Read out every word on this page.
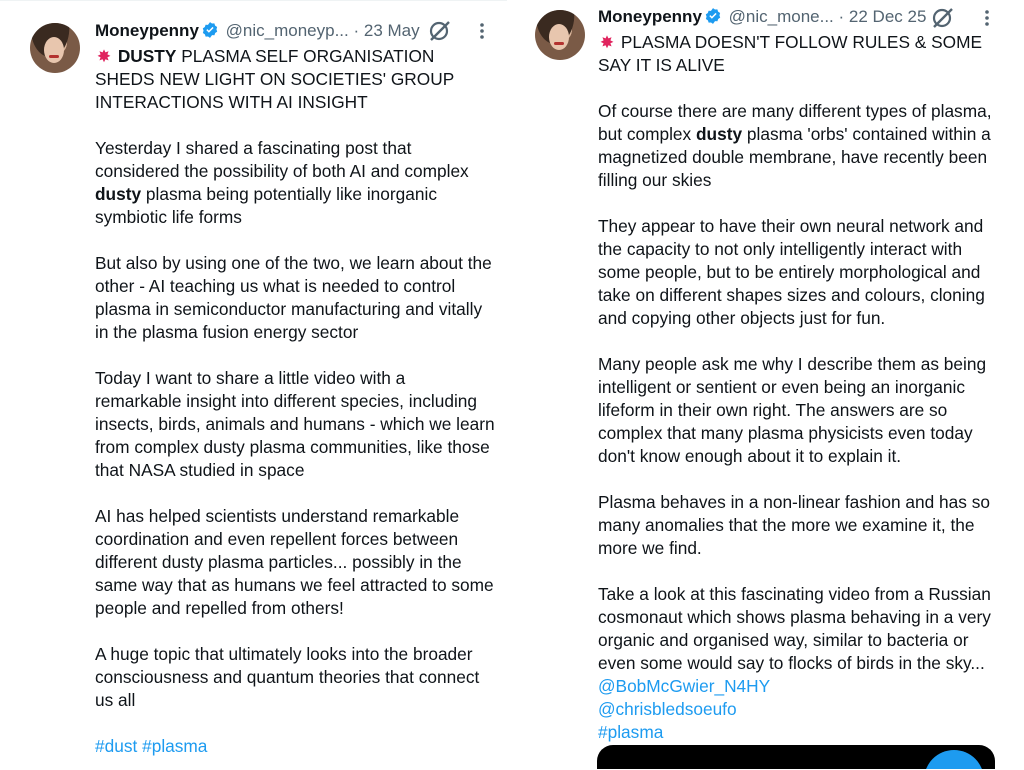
Moneypenny @nic_moneyp... · 23 May

✸ DUSTY PLASMA SELF ORGANISATION SHEDS NEW LIGHT ON SOCIETIES' GROUP INTERACTIONS WITH AI INSIGHT

Yesterday I shared a fascinating post that considered the possibility of both AI and complex dusty plasma being potentially like inorganic symbiotic life forms

But also by using one of the two, we learn about the other - AI teaching us what is needed to control plasma in semiconductor manufacturing and vitally in the plasma fusion energy sector

Today I want to share a little video with a remarkable insight into different species, including insects, birds, animals and humans - which we learn from complex dusty plasma communities, like those that NASA studied in space

AI has helped scientists understand remarkable coordination and even repellent forces between different dusty plasma particles... possibly in the same way that as humans we feel attracted to some people and repelled from others!

A huge topic that ultimately looks into the broader consciousness and quantum theories that connect us all

#dust #plasma

Moneypenny @nic_mone... · 22 Dec 25

✸ PLASMA DOESN'T FOLLOW RULES & SOME SAY IT IS ALIVE

Of course there are many different types of plasma, but complex dusty plasma 'orbs' contained within a magnetized double membrane, have recently been filling our skies

They appear to have their own neural network and the capacity to not only intelligently interact with some people, but to be entirely morphological and take on different shapes sizes and colours, cloning and copying other objects just for fun.

Many people ask me why I describe them as being intelligent or sentient or even being an inorganic lifeform in their own right. The answers are so complex that many plasma physicists even today don't know enough about it to explain it.

Plasma behaves in a non-linear fashion and has so many anomalies that the more we examine it, the more we find.

Take a look at this fascinating video from a Russian cosmonaut which shows plasma behaving in a very organic and organised way, similar to bacteria or even some would say to flocks of birds in the sky...
@BobMcGwier_N4HY
@chrisbledsoeufo
#plasma
